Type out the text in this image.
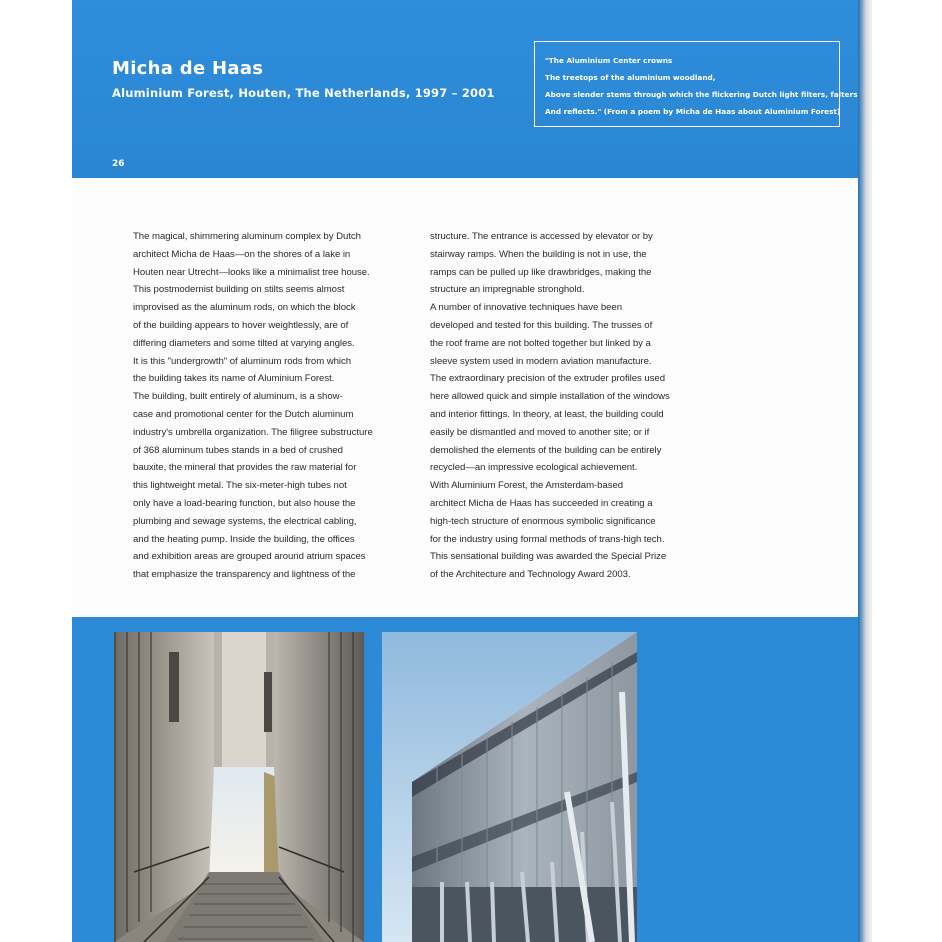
Micha de Haas
Aluminium Forest, Houten, The Netherlands, 1997 – 2001
"The Aluminium Center crowns
The treetops of the aluminium woodland,
Above slender stems through which the flickering Dutch light filters, falters
And reflects." (From a poem by Micha de Haas about Aluminium Forest)
26

The magical, shimmering aluminum complex by Dutch
architect Micha de Haas—on the shores of a lake in
Houten near Utrecht—looks like a minimalist tree house.
This postmodernist building on stilts seems almost
improvised as the aluminum rods, on which the block
of the building appears to hover weightlessly, are of
differing diameters and some tilted at varying angles.
It is this "undergrowth" of aluminum rods from which
the building takes its name of Aluminium Forest.

The building, built entirely of aluminum, is a show-
case and promotional center for the Dutch aluminum
industry's umbrella organization. The filigree substructure
of 368 aluminum tubes stands in a bed of crushed
bauxite, the mineral that provides the raw material for
this lightweight metal. The six-meter-high tubes not
only have a load-bearing function, but also house the
plumbing and sewage systems, the electrical cabling,
and the heating pump. Inside the building, the offices
and exhibition areas are grouped around atrium spaces
that emphasize the transparency and lightness of the

structure. The entrance is accessed by elevator or by
stairway ramps. When the building is not in use, the
ramps can be pulled up like drawbridges, making the
structure an impregnable stronghold.

A number of innovative techniques have been
developed and tested for this building. The trusses of
the roof frame are not bolted together but linked by a
sleeve system used in modern aviation manufacture.
The extraordinary precision of the extruder profiles used
here allowed quick and simple installation of the windows
and interior fittings. In theory, at least, the building could
easily be dismantled and moved to another site; or if
demolished the elements of the building can be entirely
recycled—an impressive ecological achievement.

With Aluminium Forest, the Amsterdam-based
architect Micha de Haas has succeeded in creating a
high-tech structure of enormous symbolic significance
for the industry using formal methods of trans-high tech.
This sensational building was awarded the Special Prize
of the Architecture and Technology Award 2003.
